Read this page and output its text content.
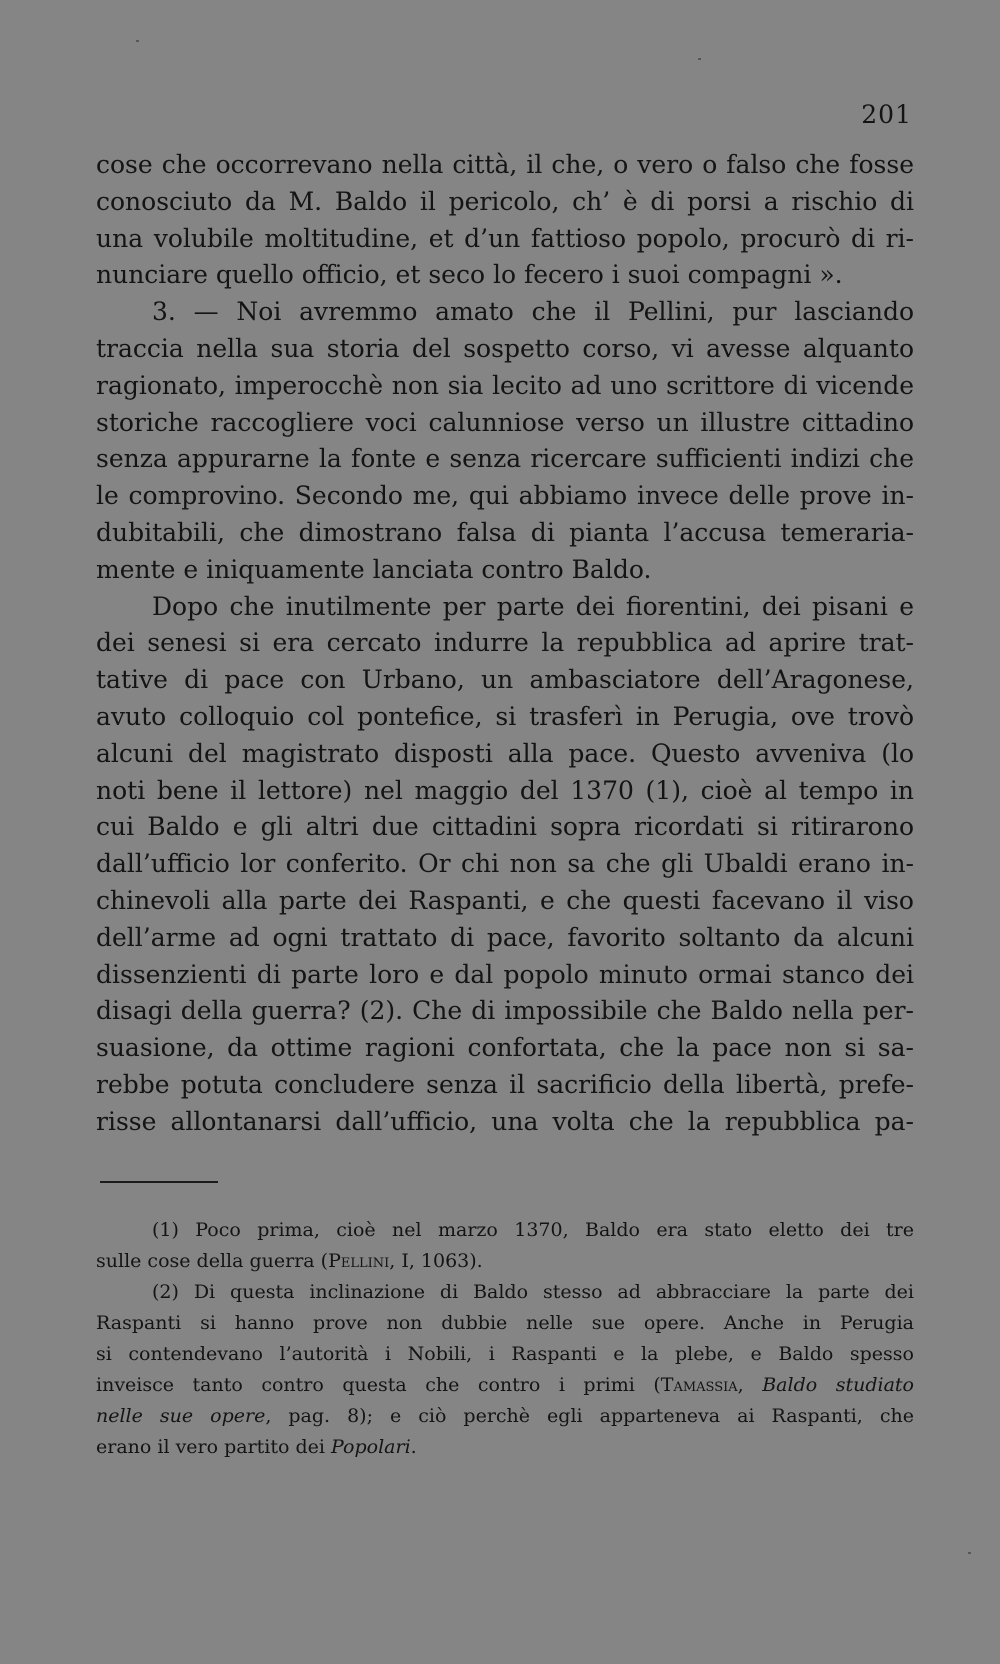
201
cose che occorrevano nella città, il che, o vero o falso che fosse
conosciuto da M. Baldo il pericolo, ch’ è di porsi a rischio di
una volubile moltitudine, et d’un fattioso popolo, procurò di ri-
nunciare quello officio, et seco lo fecero i suoi compagni ».
3. — Noi avremmo amato che il Pellini, pur lasciando
traccia nella sua storia del sospetto corso, vi avesse alquanto
ragionato, imperocchè non sia lecito ad uno scrittore di vicende
storiche raccogliere voci calunniose verso un illustre cittadino
senza appurarne la fonte e senza ricercare sufficienti indizi che
le comprovino. Secondo me, qui abbiamo invece delle prove in-
dubitabili, che dimostrano falsa di pianta l’accusa temeraria-
mente e iniquamente lanciata contro Baldo.
Dopo che inutilmente per parte dei fiorentini, dei pisani e
dei senesi si era cercato indurre la repubblica ad aprire trat-
tative di pace con Urbano, un ambasciatore dell’Aragonese,
avuto colloquio col pontefice, si trasferì in Perugia, ove trovò
alcuni del magistrato disposti alla pace. Questo avveniva (lo
noti bene il lettore) nel maggio del 1370 (1), cioè al tempo in
cui Baldo e gli altri due cittadini sopra ricordati si ritirarono
dall’ufficio lor conferito. Or chi non sa che gli Ubaldi erano in-
chinevoli alla parte dei Raspanti, e che questi facevano il viso
dell’arme ad ogni trattato di pace, favorito soltanto da alcuni
dissenzienti di parte loro e dal popolo minuto ormai stanco dei
disagi della guerra? (2). Che di impossibile che Baldo nella per-
suasione, da ottime ragioni confortata, che la pace non si sa-
rebbe potuta concludere senza il sacrificio della libertà, prefe-
risse allontanarsi dall’ufficio, una volta che la repubblica pa-
(1) Poco prima, cioè nel marzo 1370, Baldo era stato eletto dei tre
sulle cose della guerra (Pellini, I, 1063).
(2) Di questa inclinazione di Baldo stesso ad abbracciare la parte dei
Raspanti si hanno prove non dubbie nelle sue opere. Anche in Perugia
si contendevano l’autorità i Nobili, i Raspanti e la plebe, e Baldo spesso
inveisce tanto contro questa che contro i primi (Tamassia, Baldo studiato
nelle sue opere, pag. 8); e ciò perchè egli apparteneva ai Raspanti, che
erano il vero partito dei Popolari.
